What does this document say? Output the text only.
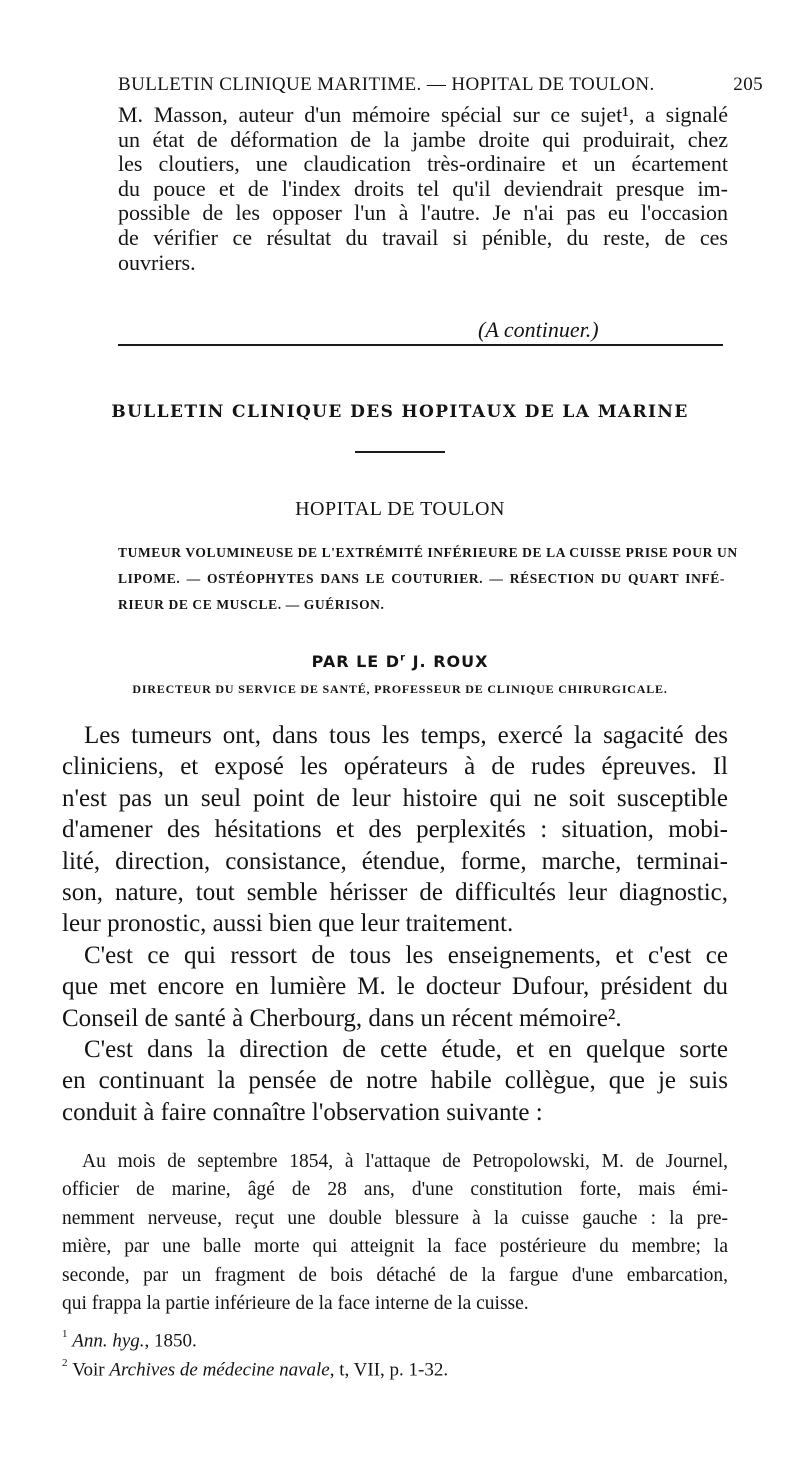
BULLETIN CLINIQUE MARITIME. — HOPITAL DE TOULON.	205
M. Masson, auteur d'un mémoire spécial sur ce sujet¹, a signalé
un état de déformation de la jambe droite qui produirait, chez
les cloutiers, une claudication très-ordinaire et un écartement
du pouce et de l'index droits tel qu'il deviendrait presque im-
possible de les opposer l'un à l'autre. Je n'ai pas eu l'occasion
de vérifier ce résultat du travail si pénible, du reste, de ces
ouvriers.
(A continuer.)
BULLETIN CLINIQUE DES HOPITAUX DE LA MARINE
HOPITAL DE TOULON
TUMEUR VOLUMINEUSE DE L'EXTRÉMITÉ INFÉRIEURE DE LA CUISSE PRISE POUR UN
LIPOME. — OSTÉOPHYTES DANS LE COUTURIER. — RÉSECTION DU QUART INFÉ-
RIEUR DE CE MUSCLE. — GUÉRISON.
PAR LE $D^r$ J. ROUX
DIRECTEUR DU SERVICE DE SANTÉ, PROFESSEUR DE CLINIQUE CHIRURGICALE.
Les tumeurs ont, dans tous les temps, exercé la sagacité des
cliniciens, et exposé les opérateurs à de rudes épreuves. Il
n'est pas un seul point de leur histoire qui ne soit susceptible
d'amener des hésitations et des perplexités : situation, mobi-
lité, direction, consistance, étendue, forme, marche, terminai-
son, nature, tout semble hérisser de difficultés leur diagnostic,
leur pronostic, aussi bien que leur traitement.
C'est ce qui ressort de tous les enseignements, et c'est ce
que met encore en lumière M. le docteur Dufour, président du
Conseil de santé à Cherbourg, dans un récent mémoire².
C'est dans la direction de cette étude, et en quelque sorte
en continuant la pensée de notre habile collègue, que je suis
conduit à faire connaître l'observation suivante :
Au mois de septembre 1854, à l'attaque de Petropolowski, M. de Journel,
officier de marine, âgé de 28 ans, d'une constitution forte, mais émi-
nemment nerveuse, reçut une double blessure à la cuisse gauche : la pre-
mière, par une balle morte qui atteignit la face postérieure du membre; la
seconde, par un fragment de bois détaché de la fargue d'une embarcation,
qui frappa la partie inférieure de la face interne de la cuisse.
$^1$ Ann. hyg., 1850.
$^2$ Voir Archives de médecine navale, t, VII, p. 1-32.
